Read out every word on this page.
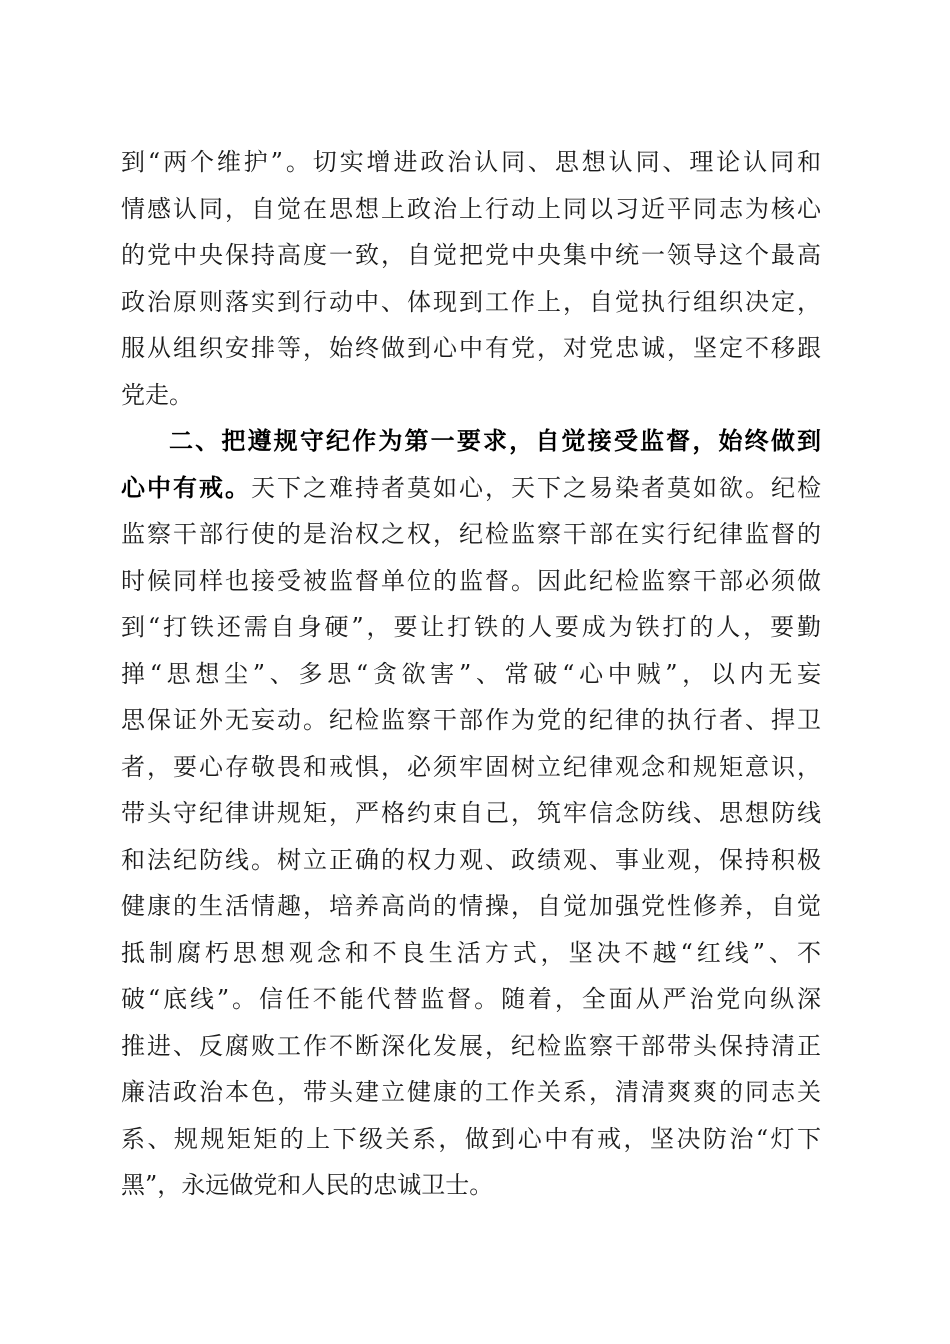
到“两个维护”。切实增进政治认同、思想认同、理论认同和
情感认同，自觉在思想上政治上行动上同以习近平同志为核心
的党中央保持高度一致，自觉把党中央集中统一领导这个最高
政治原则落实到行动中、体现到工作上，自觉执行组织决定，
服从组织安排等，始终做到心中有党，对党忠诚，坚定不移跟
党走。
二、把遵规守纪作为第一要求，自觉接受监督，始终做到
心中有戒。天下之难持者莫如心，天下之易染者莫如欲。纪检
监察干部行使的是治权之权，纪检监察干部在实行纪律监督的
时候同样也接受被监督单位的监督。因此纪检监察干部必须做
到“打铁还需自身硬”，要让打铁的人要成为铁打的人，要勤
掸“思想尘”、多思“贪欲害”、常破“心中贼”，以内无妄
思保证外无妄动。纪检监察干部作为党的纪律的执行者、捍卫
者，要心存敬畏和戒惧，必须牢固树立纪律观念和规矩意识，
带头守纪律讲规矩，严格约束自己，筑牢信念防线、思想防线
和法纪防线。树立正确的权力观、政绩观、事业观，保持积极
健康的生活情趣，培养高尚的情操，自觉加强党性修养，自觉
抵制腐朽思想观念和不良生活方式，坚决不越“红线”、不
破“底线”。信任不能代替监督。随着，全面从严治党向纵深
推进、反腐败工作不断深化发展，纪检监察干部带头保持清正
廉洁政治本色，带头建立健康的工作关系，清清爽爽的同志关
系、规规矩矩的上下级关系，做到心中有戒，坚决防治“灯下
黑”，永远做党和人民的忠诚卫士。
